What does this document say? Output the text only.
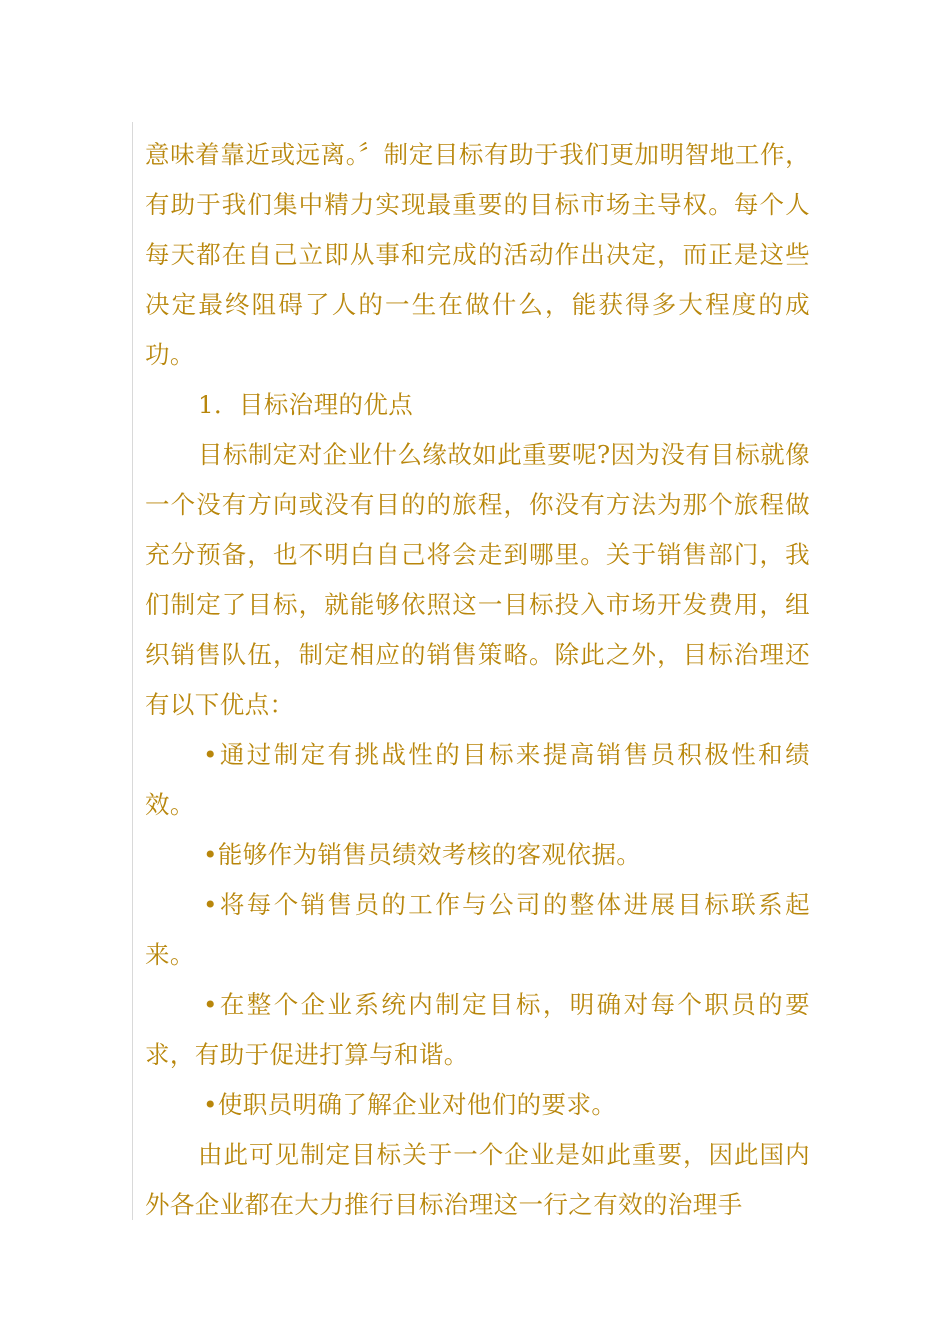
意味着靠近或远离。〞制定目标有助于我们更加明智地工作，有助于我们集中精力实现最重要的目标市场主导权。每个人每天都在自己立即从事和完成的活动作出决定，而正是这些决定最终阻碍了人的一生在做什么，能获得多大程度的成功。

1．目标治理的优点

目标制定对企业什么缘故如此重要呢?因为没有目标就像一个没有方向或没有目的的旅程，你没有方法为那个旅程做充分预备，也不明白自己将会走到哪里。关于销售部门，我们制定了目标，就能够依照这一目标投入市场开发费用，组织销售队伍，制定相应的销售策略。除此之外，目标治理还有以下优点：

•通过制定有挑战性的目标来提高销售员积极性和绩效。

•能够作为销售员绩效考核的客观依据。

•将每个销售员的工作与公司的整体进展目标联系起来。

•在整个企业系统内制定目标，明确对每个职员的要求，有助于促进打算与和谐。

•使职员明确了解企业对他们的要求。

由此可见制定目标关于一个企业是如此重要，因此国内外各企业都在大力推行目标治理这一行之有效的治理手
